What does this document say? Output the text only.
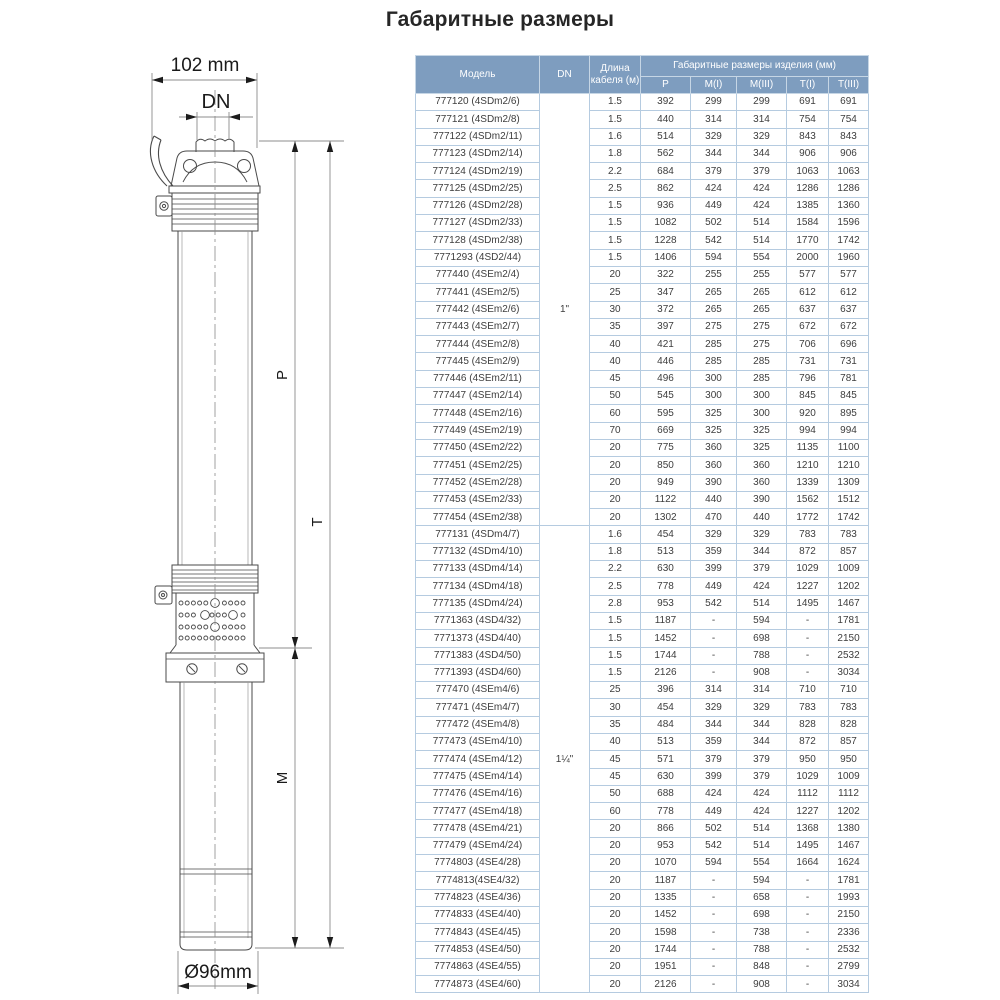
Габаритные размеры
102 mm
DN
P
T
M
Ø96mm
Модель	DN	Длина кабеля (м)	Габаритные размеры изделия (мм)				
			P	M(I)	M(III)	T(I)	T(III)
777120 (4SDm2/6)	1"	1.5	392	299	299	691	691
777121 (4SDm2/8)		1.5	440	314	314	754	754
777122 (4SDm2/11)		1.6	514	329	329	843	843
777123 (4SDm2/14)		1.8	562	344	344	906	906
777124 (4SDm2/19)		2.2	684	379	379	1063	1063
777125 (4SDm2/25)		2.5	862	424	424	1286	1286
777126 (4SDm2/28)		1.5	936	449	424	1385	1360
777127 (4SDm2/33)		1.5	1082	502	514	1584	1596
777128 (4SDm2/38)		1.5	1228	542	514	1770	1742
7771293 (4SD2/44)		1.5	1406	594	554	2000	1960
777440 (4SEm2/4)		20	322	255	255	577	577
777441 (4SEm2/5)		25	347	265	265	612	612
777442 (4SEm2/6)		30	372	265	265	637	637
777443 (4SEm2/7)		35	397	275	275	672	672
777444 (4SEm2/8)		40	421	285	275	706	696
777445 (4SEm2/9)		40	446	285	285	731	731
777446 (4SEm2/11)		45	496	300	285	796	781
777447 (4SEm2/14)		50	545	300	300	845	845
777448 (4SEm2/16)		60	595	325	300	920	895
777449 (4SEm2/19)		70	669	325	325	994	994
777450 (4SEm2/22)		20	775	360	325	1135	1100
777451 (4SEm2/25)		20	850	360	360	1210	1210
777452 (4SEm2/28)		20	949	390	360	1339	1309
777453 (4SEm2/33)		20	1122	440	390	1562	1512
777454 (4SEm2/38)		20	1302	470	440	1772	1742
777131 (4SDm4/7)	1¼"	1.6	454	329	329	783	783
777132 (4SDm4/10)		1.8	513	359	344	872	857
777133 (4SDm4/14)		2.2	630	399	379	1029	1009
777134 (4SDm4/18)		2.5	778	449	424	1227	1202
777135 (4SDm4/24)		2.8	953	542	514	1495	1467
7771363 (4SD4/32)		1.5	1187	-	594	-	1781
7771373 (4SD4/40)		1.5	1452	-	698	-	2150
7771383 (4SD4/50)		1.5	1744	-	788	-	2532
7771393 (4SD4/60)		1.5	2126	-	908	-	3034
777470 (4SEm4/6)		25	396	314	314	710	710
777471 (4SEm4/7)		30	454	329	329	783	783
777472 (4SEm4/8)		35	484	344	344	828	828
777473 (4SEm4/10)		40	513	359	344	872	857
777474 (4SEm4/12)		45	571	379	379	950	950
777475 (4SEm4/14)		45	630	399	379	1029	1009
777476 (4SEm4/16)		50	688	424	424	1112	1112
777477 (4SEm4/18)		60	778	449	424	1227	1202
777478 (4SEm4/21)		20	866	502	514	1368	1380
777479 (4SEm4/24)		20	953	542	514	1495	1467
7774803 (4SE4/28)		20	1070	594	554	1664	1624
7774813(4SE4/32)		20	1187	-	594	-	1781
7774823 (4SE4/36)		20	1335	-	658	-	1993
7774833 (4SE4/40)		20	1452	-	698	-	2150
7774843 (4SE4/45)		20	1598	-	738	-	2336
7774853 (4SE4/50)		20	1744	-	788	-	2532
7774863 (4SE4/55)		20	1951	-	848	-	2799
7774873 (4SE4/60)		20	2126	-	908	-	3034
